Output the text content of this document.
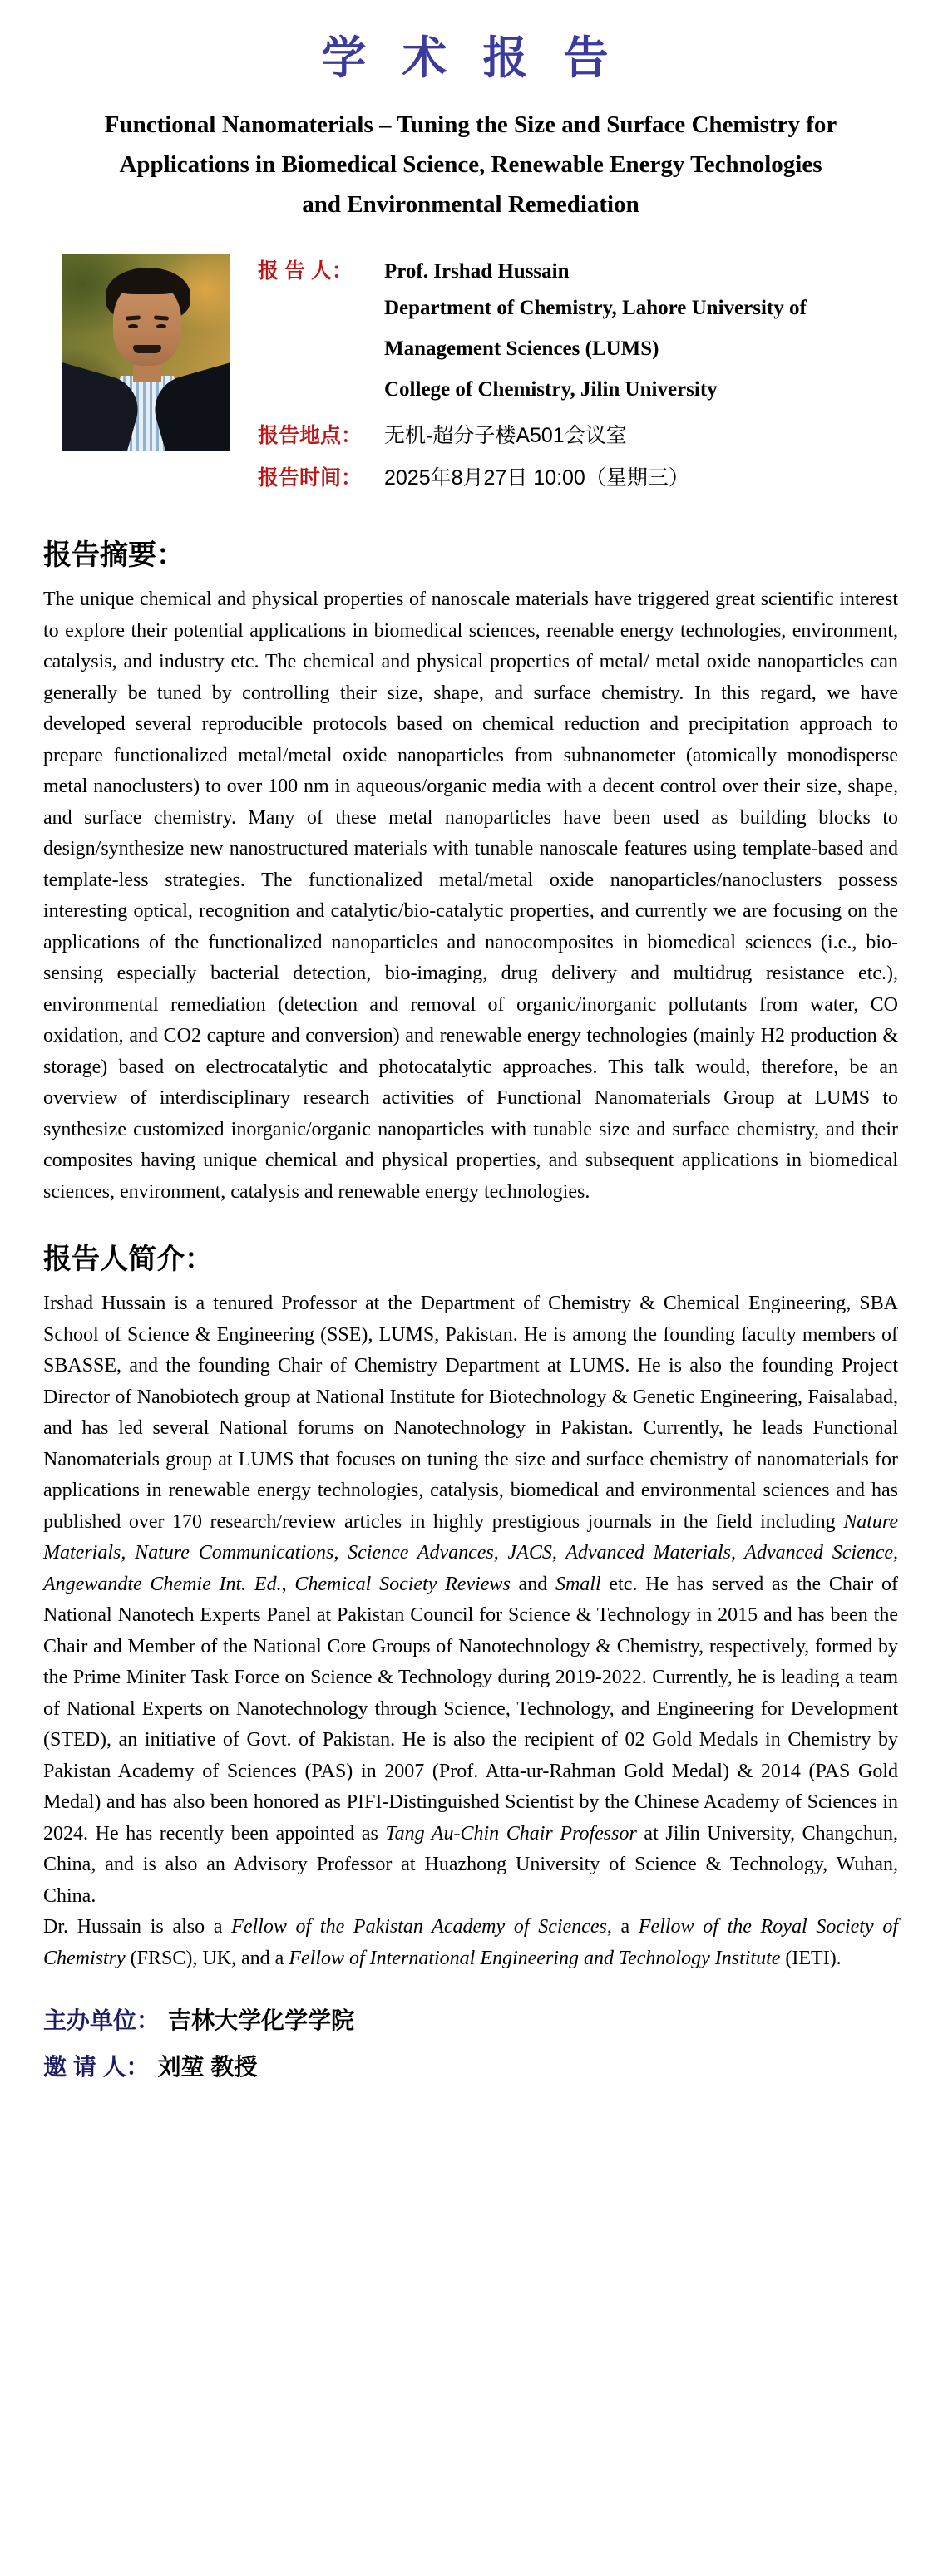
学 术 报 告
Functional Nanomaterials – Tuning the Size and Surface Chemistry for
Applications in Biomedical Science, Renewable Energy Technologies
and Environmental Remediation
报 告 人：	Prof. Irshad Hussain
Department of Chemistry, Lahore University of
Management Sciences (LUMS)
College of Chemistry, Jilin University
报告地点：	无机-超分子楼A501会议室
报告时间：	2025年8月27日 10:00（星期三）
报告摘要：

The unique chemical and physical properties of nanoscale materials have triggered great scientific interest to explore their potential applications in biomedical sciences, reenable energy technologies, environment, catalysis, and industry etc. The chemical and physical properties of metal/ metal oxide nanoparticles can generally be tuned by controlling their size, shape, and surface chemistry. In this regard, we have developed several reproducible protocols based on chemical reduction and precipitation approach to prepare functionalized metal/metal oxide nanoparticles from subnanometer (atomically monodisperse metal nanoclusters) to over 100 nm in aqueous/organic media with a decent control over their size, shape, and surface chemistry. Many of these metal nanoparticles have been used as building blocks to design/synthesize new nanostructured materials with tunable nanoscale features using template-based and template-less strategies. The functionalized metal/metal oxide nanoparticles/nanoclusters possess interesting optical, recognition and catalytic/bio-catalytic properties, and currently we are focusing on the applications of the functionalized nanoparticles and nanocomposites in biomedical sciences (i.e., bio-sensing especially bacterial detection, bio-imaging, drug delivery and multidrug resistance etc.), environmental remediation (detection and removal of organic/inorganic pollutants from water, CO oxidation, and CO2 capture and conversion) and renewable energy technologies (mainly H2 production & storage) based on electrocatalytic and photocatalytic approaches. This talk would, therefore, be an overview of interdisciplinary research activities of Functional Nanomaterials Group at LUMS to synthesize customized inorganic/organic nanoparticles with tunable size and surface chemistry, and their composites having unique chemical and physical properties, and subsequent applications in biomedical sciences, environment, catalysis and renewable energy technologies.

报告人简介：

Irshad Hussain is a tenured Professor at the Department of Chemistry & Chemical Engineering, SBA School of Science & Engineering (SSE), LUMS, Pakistan. He is among the founding faculty members of SBASSE, and the founding Chair of Chemistry Department at LUMS. He is also the founding Project Director of Nanobiotech group at National Institute for Biotechnology & Genetic Engineering, Faisalabad, and has led several National forums on Nanotechnology in Pakistan. Currently, he leads Functional Nanomaterials group at LUMS that focuses on tuning the size and surface chemistry of nanomaterials for applications in renewable energy technologies, catalysis, biomedical and environmental sciences and has published over 170 research/review articles in highly prestigious journals in the field including Nature Materials, Nature Communications, Science Advances, JACS, Advanced Materials, Advanced Science, Angewandte Chemie Int. Ed., Chemical Society Reviews and Small etc. He has served as the Chair of National Nanotech Experts Panel at Pakistan Council for Science & Technology in 2015 and has been the Chair and Member of the National Core Groups of Nanotechnology & Chemistry, respectively, formed by the Prime Miniter Task Force on Science & Technology during 2019-2022. Currently, he is leading a team of National Experts on Nanotechnology through Science, Technology, and Engineering for Development (STED), an initiative of Govt. of Pakistan. He is also the recipient of 02 Gold Medals in Chemistry by Pakistan Academy of Sciences (PAS) in 2007 (Prof. Atta-ur-Rahman Gold Medal) & 2014 (PAS Gold Medal) and has also been honored as PIFI-Distinguished Scientist by the Chinese Academy of Sciences in 2024. He has recently been appointed as Tang Au-Chin Chair Professor at Jilin University, Changchun, China, and is also an Advisory Professor at Huazhong University of Science & Technology, Wuhan, China.

Dr. Hussain is also a Fellow of the Pakistan Academy of Sciences, a Fellow of the Royal Society of Chemistry (FRSC), UK, and a Fellow of International Engineering and Technology Institute (IETI).

主办单位： 吉林大学化学学院
邀 请 人： 刘堃 教授
